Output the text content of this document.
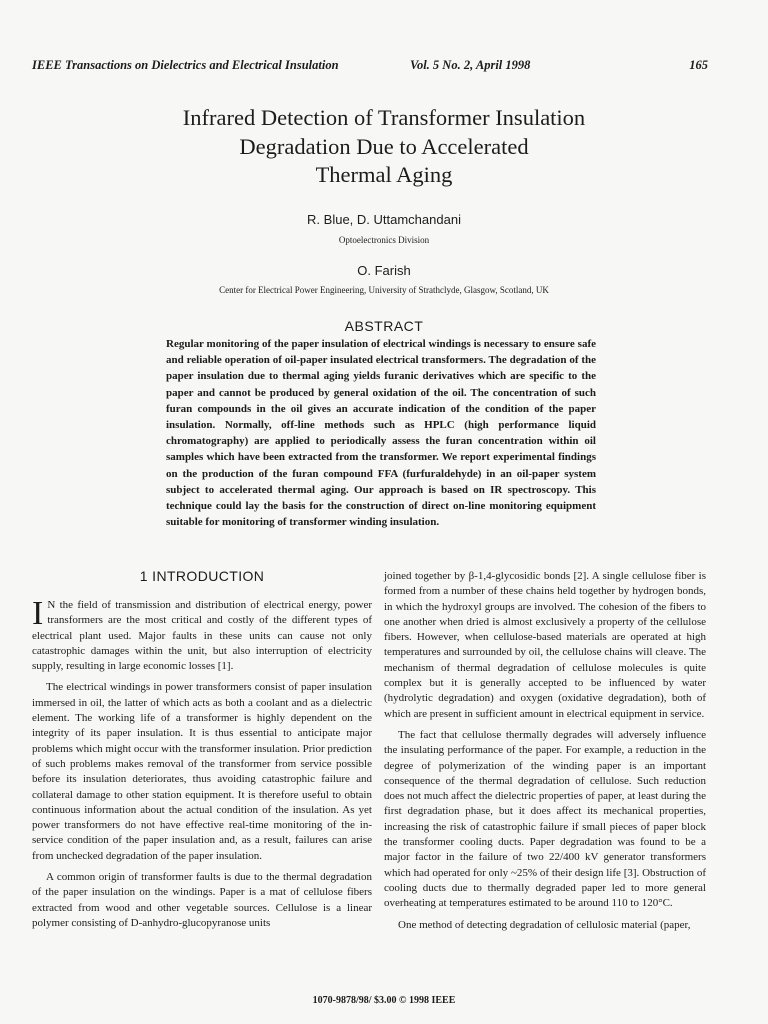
IEEE Transactions on Dielectrics and Electrical Insulation	Vol. 5 No. 2, April 1998	165
Infrared Detection of Transformer Insulation
Degradation Due to Accelerated
Thermal Aging
R. Blue, D. Uttamchandani
Optoelectronics Division
O. Farish
Center for Electrical Power Engineering, University of Strathclyde, Glasgow, Scotland, UK
ABSTRACT
Regular monitoring of the paper insulation of electrical windings is necessary to ensure safe and reliable operation of oil-paper insulated electrical transformers. The degradation of the paper insulation due to thermal aging yields furanic derivatives which are specific to the paper and cannot be produced by general oxidation of the oil. The concentration of such furan compounds in the oil gives an accurate indication of the condition of the paper insulation. Normally, off-line methods such as HPLC (high performance liquid chromatography) are applied to periodically assess the furan concentration within oil samples which have been extracted from the transformer. We report experimental findings on the production of the furan compound FFA (furfuraldehyde) in an oil-paper system subject to accelerated thermal aging. Our approach is based on IR spectroscopy. This technique could lay the basis for the construction of direct on-line monitoring equipment suitable for monitoring of transformer winding insulation.
1 INTRODUCTION

I N the field of transmission and distribution of electrical energy, power transformers are the most critical and costly of the different types of electrical plant used. Major faults in these units can cause not only catastrophic damages within the unit, but also interruption of electricity supply, resulting in large economic losses [1].

The electrical windings in power transformers consist of paper insulation immersed in oil, the latter of which acts as both a coolant and as a dielectric element. The working life of a transformer is highly dependent on the integrity of its paper insulation. It is thus essential to anticipate major problems which might occur with the transformer insulation. Prior prediction of such problems makes removal of the transformer from service possible before its insulation deteriorates, thus avoiding catastrophic failure and collateral damage to other station equipment. It is therefore useful to obtain continuous information about the actual condition of the insulation. As yet power transformers do not have effective real-time monitoring of the in-service condition of the paper insulation and, as a result, failures can arise from unchecked degradation of the paper insulation.

A common origin of transformer faults is due to the thermal degradation of the paper insulation on the windings. Paper is a mat of cellulose fibers extracted from wood and other vegetable sources. Cellulose is a linear polymer consisting of D-anhydro-glucopyranose units

joined together by β-1,4-glycosidic bonds [2]. A single cellulose fiber is formed from a number of these chains held together by hydrogen bonds, in which the hydroxyl groups are involved. The cohesion of the fibers to one another when dried is almost exclusively a property of the cellulose fibers. However, when cellulose-based materials are operated at high temperatures and surrounded by oil, the cellulose chains will cleave. The mechanism of thermal degradation of cellulose molecules is quite complex but it is generally accepted to be influenced by water (hydrolytic degradation) and oxygen (oxidative degradation), both of which are present in sufficient amount in electrical equipment in service.

The fact that cellulose thermally degrades will adversely influence the insulating performance of the paper. For example, a reduction in the degree of polymerization of the winding paper is an important consequence of the thermal degradation of cellulose. Such reduction does not much affect the dielectric properties of paper, at least during the first degradation phase, but it does affect its mechanical properties, increasing the risk of catastrophic failure if small pieces of paper block the transformer cooling ducts. Paper degradation was found to be a major factor in the failure of two 22/400 kV generator transformers which had operated for only ~25% of their design life [3]. Obstruction of cooling ducts due to thermally degraded paper led to more general overheating at temperatures estimated to be around 110 to 120°C.

One method of detecting degradation of cellulosic material (paper,

1070-9878/98/ $3.00 © 1998 IEEE
